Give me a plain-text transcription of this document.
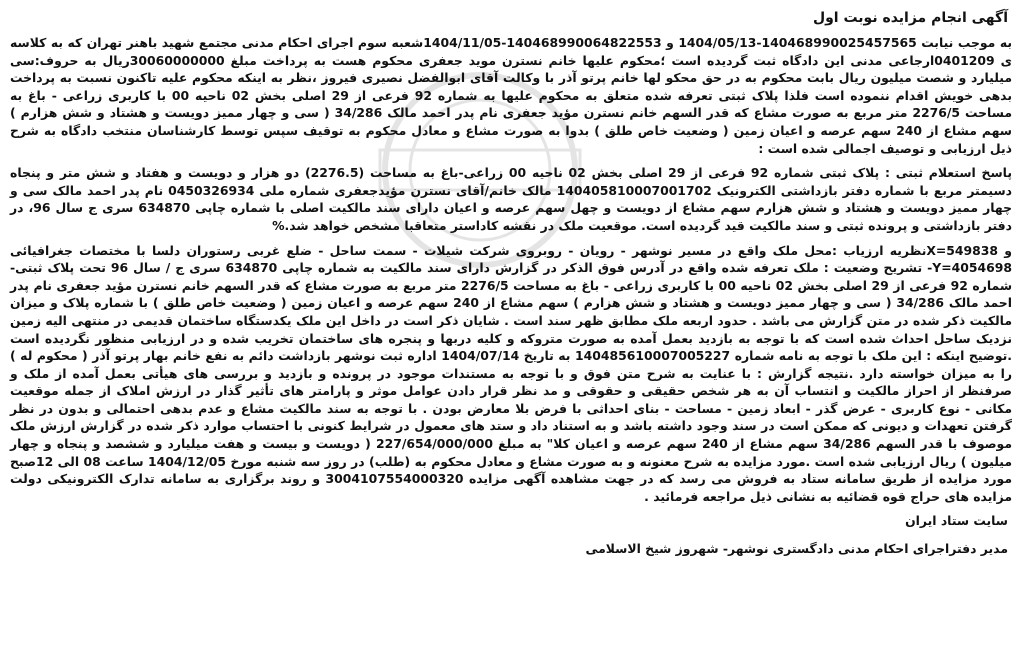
آگهی انجام مزایده نوبت اول
به موجب نیابت 140468990025457565-1404/05/13 و 140468990064822553-1404/11/05شعبه سوم اجرای احکام مدنی مجتمع شهید باهنر تهران که به کلاسه ی 0401209ارجاعی مدنی این دادگاه ثبت گردیده است ؛محکوم علیها خانم نسترن موید جعفری محکوم هست به پرداخت مبلغ 30060000000ریال به حروف:سی میلیارد و شصت میلیون ریال بابت محکوم به در حق محکو لها خانم پرتو آذر با وکالت آقای ابوالفضل نصیری فیروز ،نظر به اینکه محکوم علیه تاکنون نسبت به پرداخت بدهی خویش اقدام ننموده است فلذا پلاک ثبتی تعرفه شده متعلق به محکوم علیها به شماره 92 فرعی از 29 اصلی بخش 02 ناحیه 00 با کاربری زراعی - باغ به مساحت 2276/5 متر مربع به صورت مشاع که قدر السهم خانم نسترن مؤید جعفری نام پدر احمد مالک 34/286 ( سی و چهار ممیز دویست و هشتاد و شش هزارم ) سهم مشاع از 240 سهم عرصه و اعیان زمین ( وضعیت خاص طلق ) بدوا به صورت مشاع و معادل محکوم به توقیف سپس توسط کارشناسان منتخب دادگاه به شرح ذیل ارزیابی و توصیف اجمالی شده است :
پاسخ استعلام ثبتی : پلاک ثبتی شماره 92 فرعی از 29 اصلی بخش 02 ناحیه 00 زراعی-باغ به مساحت (2276.5) دو هزار و دویست و هفتاد و شش متر و پنجاه دسیمتر مربع با شماره دفتر بازداشتی الکترونیک 140405810007001702 مالک خانم/آقای نسترن مؤیدجعفری شماره ملی 0450326934 نام پدر احمد مالک سی و چهار ممیز دویست و هشتاد و شش هزارم سهم مشاع از دویست و چهل سهم عرصه و اعیان دارای سند مالکیت اصلی با شماره چاپی 634870 سری ج سال 96، در دفتر بازداشتی و پرونده ثبتی و سند مالکیت قید گردیده است. موقعیت ملک در نقشه کاداستر متعاقبا مشخص خواهد شد.%
و X=549838نظریه ارزیاب :محل ملک واقع در مسیر نوشهر - رویان - روبروی شرکت شیلات - سمت ساحل - ضلع غربی رستوران دلسا با مختصات جغرافیائی Y=4054698- تشریح وضعیت : ملک تعرفه شده واقع در آدرس فوق الذکر در گزارش دارای سند مالکیت به شماره چاپی 634870 سری ج / سال 96 تحت پلاک ثبتی- شماره 92 فرعی از 29 اصلی بخش 02 ناحیه 00 با کاربری زراعی - باغ به مساحت 2276/5 متر مربع به صورت مشاع که قدر السهم خانم نسترن مؤید جعفری نام پدر احمد مالک 34/286 ( سی و چهار ممیز دویست و هشتاد و شش هزارم ) سهم مشاع از 240 سهم عرصه و اعیان زمین ( وضعیت خاص طلق ) با شماره پلاک و میزان مالکیت ذکر شده در متن گزارش می باشد . حدود اربعه ملک مطابق ظهر سند است . شایان ذکر است در داخل این ملک یکدستگاه ساختمان قدیمی در منتهی الیه زمین نزدیک ساحل احداث شده است که با توجه به بازدید بعمل آمده به صورت متروکه و کلیه دربها و پنجره های ساختمان تخریب شده و در ارزیابی منظور نگردیده است .توضیح اینکه : این ملک با توجه به نامه شماره 140485610007005227 به تاریخ 1404/07/14 اداره ثبت نوشهر بازداشت دائم به نفع خانم بهار پرتو آذر ( محکوم له ) را به میزان خواسته دارد .نتیجه گزارش : با عنایت به شرح متن فوق و با توجه به مستندات موجود در پرونده و بازدید و بررسی های هیأتی بعمل آمده از ملک و صرفنظر از احراز مالکیت و انتساب آن به هر شخص حقیقی و حقوقی و مد نظر قرار دادن عوامل موثر و پارامتر های تأثیر گذار در ارزش املاک از جمله موقعیت مکانی - نوع کاربری - عرض گذر - ابعاد زمین - مساحت - بنای احداثی با فرض بلا معارض بودن . با توجه به سند مالکیت مشاع و عدم بدهی احتمالی و بدون در نظر گرفتن تعهدات و دیونی که ممکن است در سند وجود داشته باشد و به استناد داد و ستد های معمول در شرایط کنونی با احتساب موارد ذکر شده در گزارش ارزش ملک موصوف با قدر السهم 34/286 سهم مشاع از 240 سهم عرصه و اعیان کلا" به مبلغ 227/654/000/000 ( دویست و بیست و هفت میلیارد و ششصد و پنجاه و چهار میلیون ) ریال ارزیابی شده است .مورد مزایده به شرح معنونه و به صورت مشاع و معادل محکوم به (طلب) در روز سه شنبه مورخ 1404/12/05 ساعت 08 الی 12صبح مورد مزایده از طریق سامانه ستاد به فروش می رسد که در جهت مشاهده آگهی مزایده 3004107554000320 و روند برگزاری به سامانه تدارک الکترونیکی دولت مزایده های حراج قوه قضائیه به نشانی ذیل مراجعه فرمائید .
سایت ستاد ایران
مدیر دفتراجرای احکام مدنی دادگستری نوشهر- شهروز شیخ الاسلامی
